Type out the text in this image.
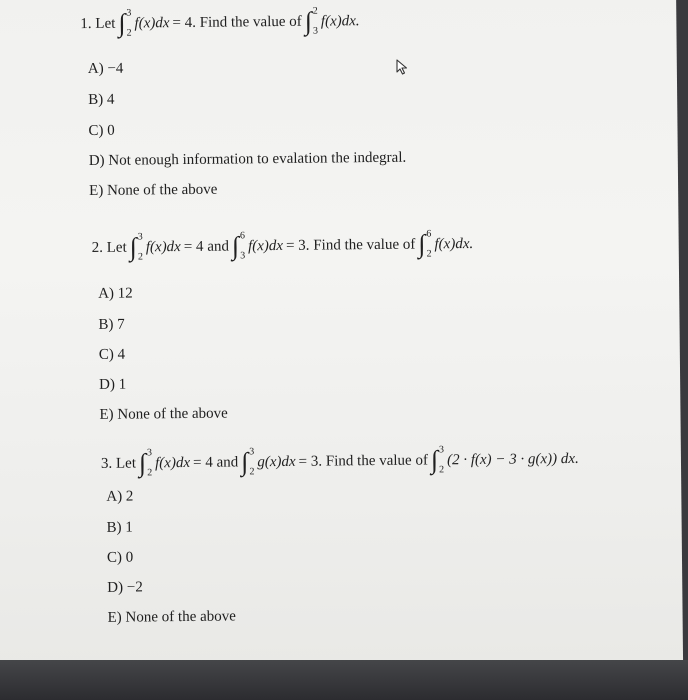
1.
Let ∫ 3
2
f(x)dx = 4.
Find the value of ∫ 2
3
f(x)dx.
A) −4
B) 4
C) 0
D) Not enough information to evalation the indegral.
E) None of the above
2.
Let ∫ 3
2
f(x)dx = 4
and ∫ 6
3
f(x)dx = 3.
Find the value of ∫ 6
2
f(x)dx.
A) 12
B) 7
C) 4
D) 1
E) None of the above
3.
Let ∫ 3
2
f(x)dx = 4
and ∫ 3
2
g(x)dx = 3.
Find the value of ∫ 3
2
(2 · f(x) − 3 · g(x)) dx.
A) 2
B) 1
C) 0
D) −2
E) None of the above
